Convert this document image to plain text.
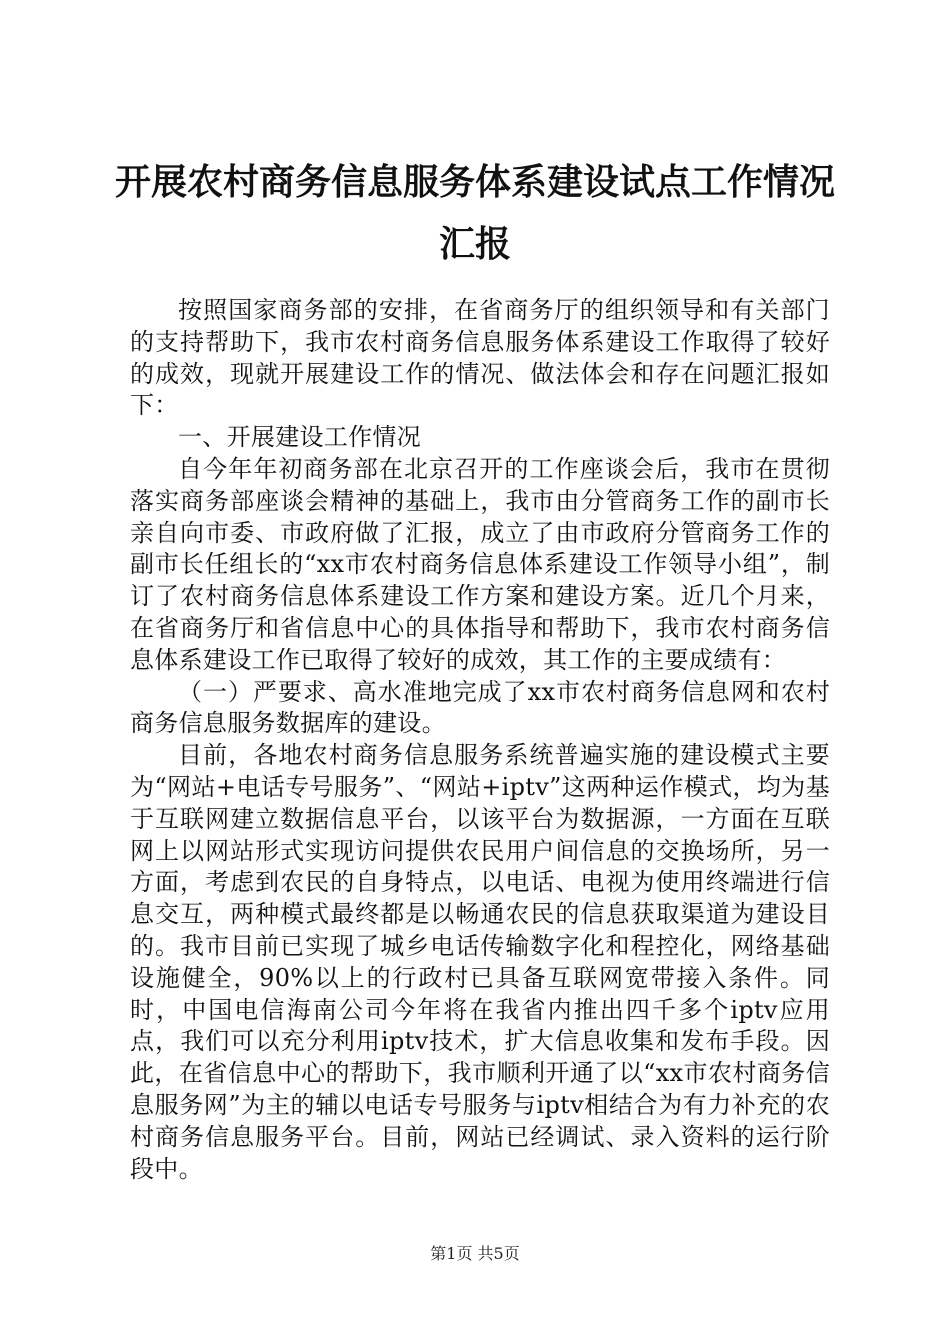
开展农村商务信息服务体系建设试点工作情况
汇报

按照国家商务部的安排，在省商务厅的组织领导和有关部门的支持帮助下，我市农村商务信息服务体系建设工作取得了较好的成效，现就开展建设工作的情况、做法体会和存在问题汇报如下：

一、开展建设工作情况

自今年年初商务部在北京召开的工作座谈会后，我市在贯彻落实商务部座谈会精神的基础上，我市由分管商务工作的副市长亲自向市委、市政府做了汇报，成立了由市政府分管商务工作的副市长任组长的“xx市农村商务信息体系建设工作领导小组”，制订了农村商务信息体系建设工作方案和建设方案。近几个月来，在省商务厅和省信息中心的具体指导和帮助下，我市农村商务信息体系建设工作已取得了较好的成效，其工作的主要成绩有：

（一）严要求、高水准地完成了xx市农村商务信息网和农村商务信息服务数据库的建设。

目前，各地农村商务信息服务系统普遍实施的建设模式主要为“网站+电话专号服务”、“网站+iptv”这两种运作模式，均为基于互联网建立数据信息平台，以该平台为数据源，一方面在互联网上以网站形式实现访问提供农民用户间信息的交换场所，另一方面，考虑到农民的自身特点，以电话、电视为使用终端进行信息交互，两种模式最终都是以畅通农民的信息获取渠道为建设目的。我市目前已实现了城乡电话传输数字化和程控化，网络基础设施健全，90%以上的行政村已具备互联网宽带接入条件。同时，中国电信海南公司今年将在我省内推出四千多个iptv应用点，我们可以充分利用iptv技术，扩大信息收集和发布手段。因此，在省信息中心的帮助下，我市顺利开通了以“xx市农村商务信息服务网”为主的辅以电话专号服务与iptv相结合为有力补充的农村商务信息服务平台。目前，网站已经调试、录入资料的运行阶段中。

第1页 共5页
